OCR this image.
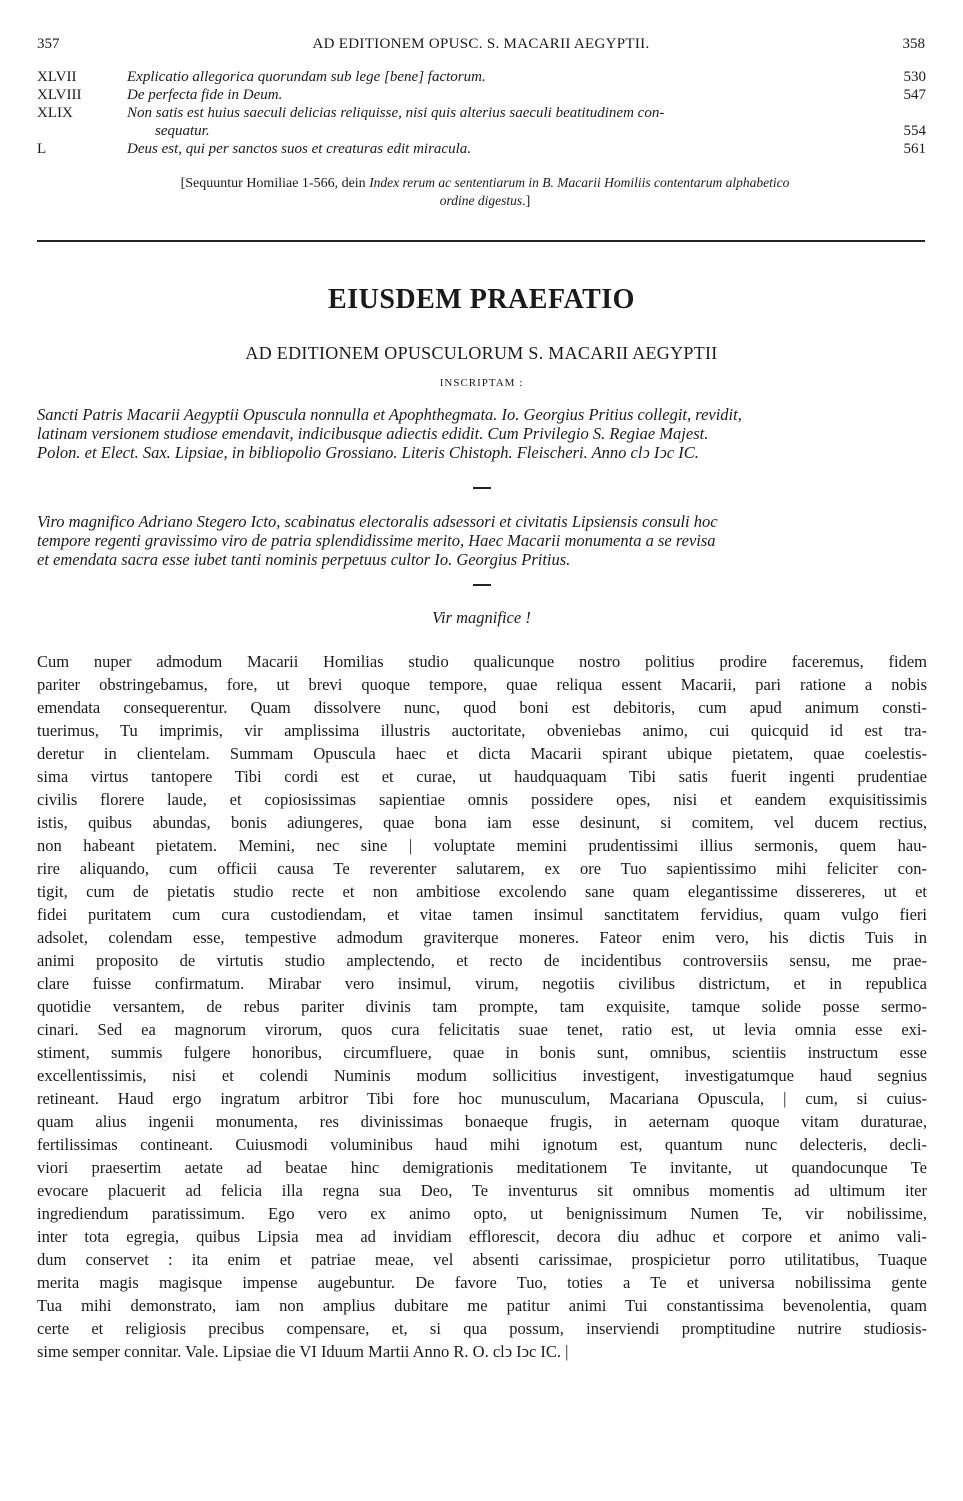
357	AD EDITIONEM OPUSC. S. MACARII AEGYPTII.	358
XLVII	Explicatio allegorica quorundam sub lege [bene] factorum.	530
XLVIII	De perfecta fide in Deum.	547
XLIX	Non satis est huius saeculi delicias reliquisse, nisi quis alterius saeculi beatitudinem con-
sequatur.	554
L	Deus est, qui per sanctos suos et creaturas edit miracula.	561
[Sequuntur Homiliae 1-566, dein Index rerum ac sententiarum in B. Macarii Homiliis contentarum alphabetico
ordine digestus.]
EIUSDEM PRAEFATIO
AD EDITIONEM OPUSCULORUM S. MACARII AEGYPTII
INSCRIPTAM :
Sancti Patris Macarii Aegyptii Opuscula nonnulla et Apophthegmata. Io. Georgius Pritius collegit, revidit,
latinam versionem studiose emendavit, indicibusque adiectis edidit. Cum Privilegio S. Regiae Majest.
Polon. et Elect. Sax. Lipsiae, in bibliopolio Grossiano. Literis Chistoph. Fleischeri. Anno clↄ Iↄc IC.
Viro magnifico Adriano Stegero Icto, scabinatus electoralis adsessori et civitatis Lipsiensis consuli hoc
tempore regenti gravissimo viro de patria splendidissime merito, Haec Macarii monumenta a se revisa
et emendata sacra esse iubet tanti nominis perpetuus cultor Io. Georgius Pritius.
Vir magnifice !
Cum nuper admodum Macarii Homilias studio qualicunque nostro politius prodire faceremus, fidem
pariter obstringebamus, fore, ut brevi quoque tempore, quae reliqua essent Macarii, pari ratione a nobis
emendata consequerentur. Quam dissolvere nunc, quod boni est debitoris, cum apud animum consti-
tuerimus, Tu imprimis, vir amplissima illustris auctoritate, obveniebas animo, cui quicquid id est tra-
deretur in clientelam. Summam Opuscula haec et dicta Macarii spirant ubique pietatem, quae coelestis-
sima virtus tantopere Tibi cordi est et curae, ut haudquaquam Tibi satis fuerit ingenti prudentiae
civilis florere laude, et copiosissimas sapientiae omnis possidere opes, nisi et eandem exquisitissimis
istis, quibus abundas, bonis adiungeres, quae bona iam esse desinunt, si comitem, vel ducem rectius,
non habeant pietatem. Memini, nec sine | voluptate memini prudentissimi illius sermonis, quem hau-
rire aliquando, cum officii causa Te reverenter salutarem, ex ore Tuo sapientissimo mihi feliciter con-
tigit, cum de pietatis studio recte et non ambitiose excolendo sane quam elegantissime dissereres, ut et
fidei puritatem cum cura custodiendam, et vitae tamen insimul sanctitatem fervidius, quam vulgo fieri
adsolet, colendam esse, tempestive admodum graviterque moneres. Fateor enim vero, his dictis Tuis in
animi proposito de virtutis studio amplectendo, et recto de incidentibus controversiis sensu, me prae-
clare fuisse confirmatum. Mirabar vero insimul, virum, negotiis civilibus districtum, et in republica
quotidie versantem, de rebus pariter divinis tam prompte, tam exquisite, tamque solide posse sermo-
cinari. Sed ea magnorum virorum, quos cura felicitatis suae tenet, ratio est, ut levia omnia esse exi-
stiment, summis fulgere honoribus, circumfluere, quae in bonis sunt, omnibus, scientiis instructum esse
excellentissimis, nisi et colendi Numinis modum sollicitius investigent, investigatumque haud segnius
retineant. Haud ergo ingratum arbitror Tibi fore hoc munusculum, Macariana Opuscula, | cum, si cuius-
quam alius ingenii monumenta, res divinissimas bonaeque frugis, in aeternam quoque vitam duraturae,
fertilissimas contineant. Cuiusmodi voluminibus haud mihi ignotum est, quantum nunc delecteris, decli-
viori praesertim aetate ad beatae hinc demigrationis meditationem Te invitante, ut quandocunque Te
evocare placuerit ad felicia illa regna sua Deo, Te inventurus sit omnibus momentis ad ultimum iter
ingrediendum paratissimum. Ego vero ex animo opto, ut benignissimum Numen Te, vir nobilissime,
inter tota egregia, quibus Lipsia mea ad invidiam efflorescit, decora diu adhuc et corpore et animo vali-
dum conservet : ita enim et patriae meae, vel absenti carissimae, prospicietur porro utilitatibus, Tuaque
merita magis magisque impense augebuntur. De favore Tuo, toties a Te et universa nobilissima gente
Tua mihi demonstrato, iam non amplius dubitare me patitur animi Tui constantissima bevenolentia, quam
certe et religiosis precibus compensare, et, si qua possum, inserviendi promptitudine nutrire studiosis-
sime semper connitar. Vale. Lipsiae die VI Iduum Martii Anno R. O. clↄ Iↄc IC. |
